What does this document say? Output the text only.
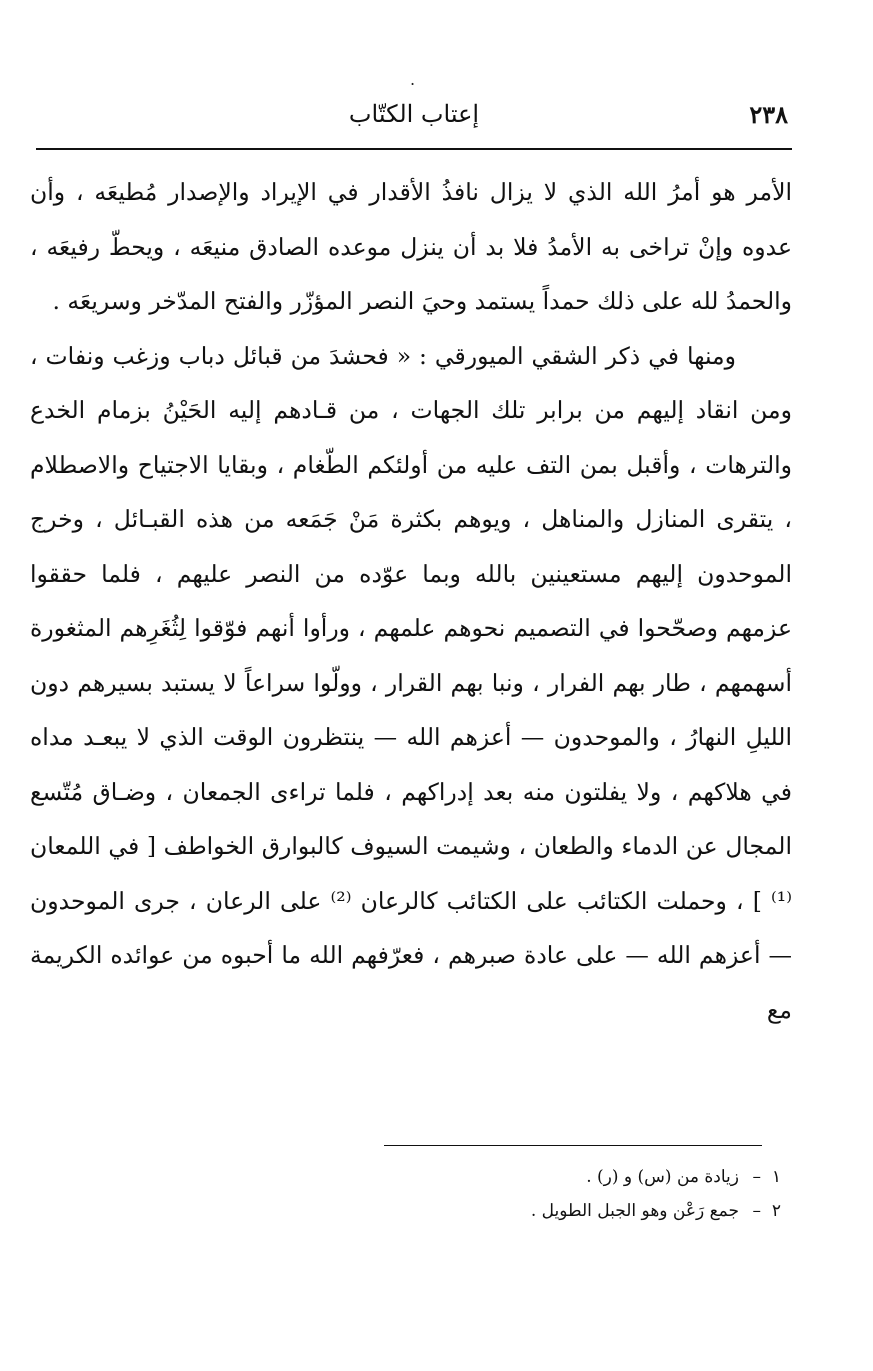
.
٢٣٨
إعتاب الكتّاب

الأمر هو أمرُ الله الذي لا يزال نافذُ الأقدار في الإيراد والإصدار مُطيعَه ، وأن عدوه وإنْ تراخى به الأمدُ فلا بد أن ينزل موعده الصادق منيعَه ، ويحطّ رفيعَه ، والحمدُ لله على ذلك حمداً يستمد وحيَ النصر المؤزّر والفتح المدّخر وسريعَه .

ومنها في ذكر الشقي الميورقي : « فحشدَ من قبائل دباب وزغب ونفات ، ومن انقاد إليهم من برابر تلك الجهات ، من قـادهم إليه الحَيْنُ بزمام الخدع والترهات ، وأقبل بمن التف عليه من أولئكم الطّغام ، وبقايا الاجتياح والاصطلام ، يتقرى المنازل والمناهل ، ويوهم بكثرة مَنْ جَمَعه من هذه القبـائل ، وخرج الموحدون إليهم مستعينين بالله وبما عوّده من النصر عليهم ، فلما حققوا عزمهم وصحّحوا في التصميم نحوهم علمهم ، ورأوا أنهم فوّقوا لِثُغَرِهم المثغورة أسهمهم ، طار بهم الفرار ، ونبا بهم القرار ، وولّوا سراعاً لا يستبد بسيرهم دون الليلِ النهارُ ، والموحدون — أعزهم الله — ينتظرون الوقت الذي لا يبعـد مداه في هلاكهم ، ولا يفلتون منه بعد إدراكهم ، فلما تراءى الجمعان ، وضـاق مُتّسع المجال عن الدماء والطعان ، وشيمت السيوف كالبوارق الخواطف [ في اللمعان ⁽¹⁾ ] ، وحملت الكتائب على الكتائب كالرعان ⁽²⁾ على الرعان ، جرى الموحدون — أعزهم الله — على عادة صبرهم ، فعرّفهم الله ما أحبوه من عوائده الكريمة مع

١
–
زيادة من (س) و (ر) .
٢
–
جمع رَعْن وهو الجبل الطويل .
